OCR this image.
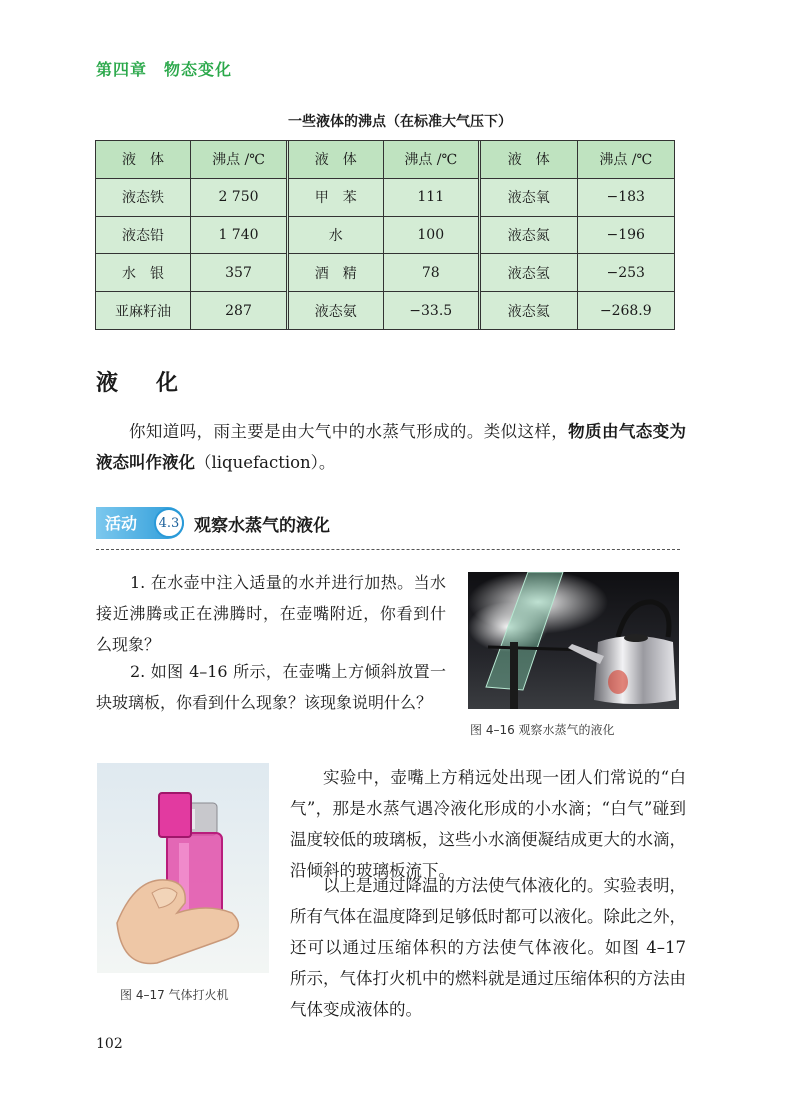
第四章　物态变化
一些液体的沸点（在标准大气压下）
液　体	沸点 /℃
液态铁	2 750
液态铅	1 740
水　银	357
亚麻籽油	287
液　体	沸点 /℃
甲　苯	111
水	100
酒　精	78
液态氨	−33.5
液　体	沸点 /℃
液态氧	−183
液态氮	−196
液态氢	−253
液态氦	−268.9
液　化
你知道吗，雨主要是由大气中的水蒸气形成的。类似这样，物质由气态变为液态叫作液化（liquefaction）。
活动	4.3 观察水蒸气的液化
1. 在水壶中注入适量的水并进行加热。当水接近沸腾或正在沸腾时，在壶嘴附近，你看到什么现象？
2. 如图 4–16 所示，在壶嘴上方倾斜放置一块玻璃板，你看到什么现象？该现象说明什么？
图 4–16 观察水蒸气的液化
图 4–17 气体打火机
实验中，壶嘴上方稍远处出现一团人们常说的“白气”，那是水蒸气遇冷液化形成的小水滴；“白气”碰到温度较低的玻璃板，这些小水滴便凝结成更大的水滴，沿倾斜的玻璃板流下。
以上是通过降温的方法使气体液化的。实验表明，所有气体在温度降到足够低时都可以液化。除此之外，还可以通过压缩体积的方法使气体液化。如图 4–17 所示，气体打火机中的燃料就是通过压缩体积的方法由气体变成液体的。
102
